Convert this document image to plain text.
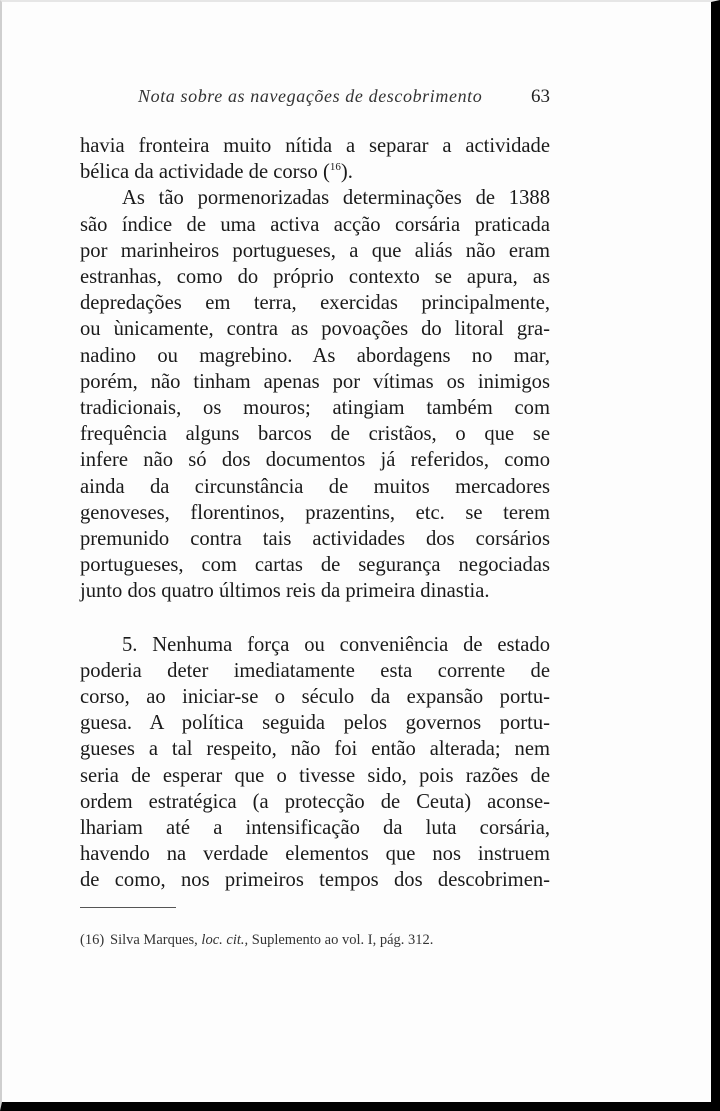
Nota sobre as navegações de descobrimento	63

havia fronteira muito nítida a separar a actividade
bélica da actividade de corso ($^{16}$).

As tão pormenorizadas determinações de 1388
são índice de uma activa acção corsária praticada
por marinheiros portugueses, a que aliás não eram
estranhas, como do próprio contexto se apura, as
depredações em terra, exercidas principalmente,
ou ùnicamente, contra as povoações do litoral gra-
nadino ou magrebino. As abordagens no mar,
porém, não tinham apenas por vítimas os inimigos
tradicionais, os mouros; atingiam também com
frequência alguns barcos de cristãos, o que se
infere não só dos documentos já referidos, como
ainda da circunstância de muitos mercadores
genoveses, florentinos, prazentins, etc. se terem
premunido contra tais actividades dos corsários
portugueses, com cartas de segurança negociadas
junto dos quatro últimos reis da primeira dinastia.

5. Nenhuma força ou conveniência de estado
poderia deter imediatamente esta corrente de
corso, ao iniciar-se o século da expansão portu-
guesa. A política seguida pelos governos portu-
gueses a tal respeito, não foi então alterada; nem
seria de esperar que o tivesse sido, pois razões de
ordem estratégica (a protecção de Ceuta) aconse-
lhariam até a intensificação da luta corsária,
havendo na verdade elementos que nos instruem
de como, nos primeiros tempos dos descobrimen-

(16) Silva Marques, loc. cit., Suplemento ao vol. I, pág. 312.
